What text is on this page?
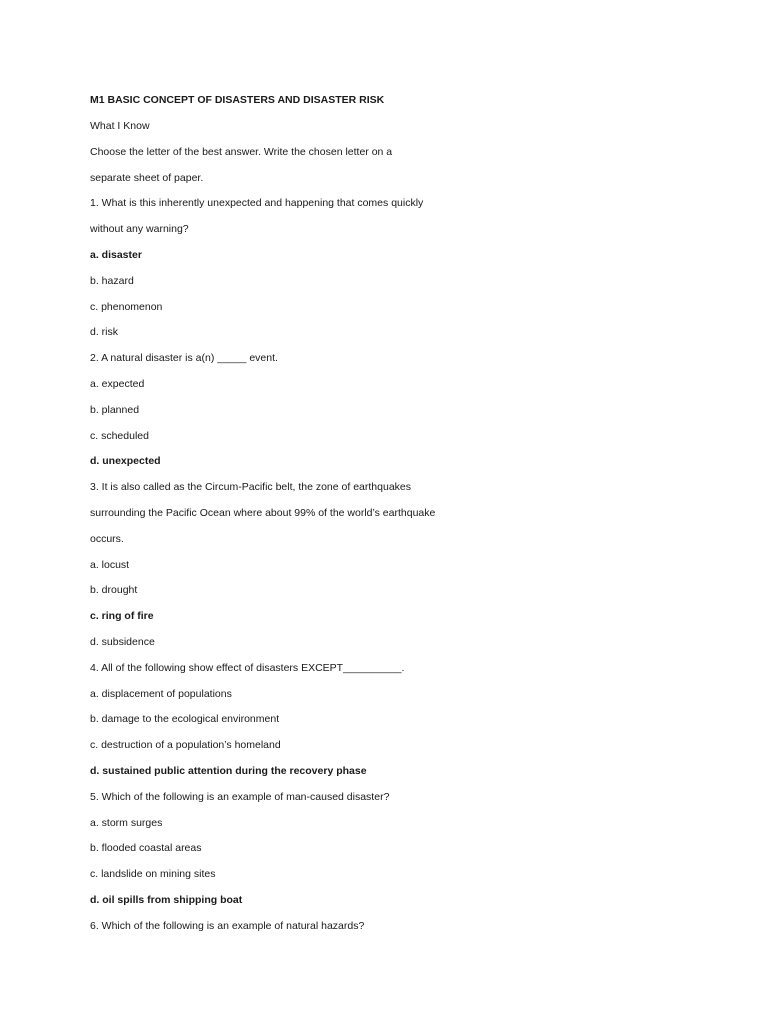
M1 BASIC CONCEPT OF DISASTERS AND DISASTER RISK
What I Know
Choose the letter of the best answer. Write the chosen letter on a
separate sheet of paper.
1. What is this inherently unexpected and happening that comes quickly
without any warning?
a. disaster
b. hazard
c. phenomenon
d. risk
2. A natural disaster is a(n) _____ event.
a. expected
b. planned
c. scheduled
d. unexpected
3. It is also called as the Circum-Pacific belt, the zone of earthquakes
surrounding the Pacific Ocean where about 99% of the world’s earthquake
occurs.
a. locust
b. drought
c. ring of fire
d. subsidence
4. All of the following show effect of disasters EXCEPT__________.
a. displacement of populations
b. damage to the ecological environment
c. destruction of a population’s homeland
d. sustained public attention during the recovery phase
5. Which of the following is an example of man-caused disaster?
a. storm surges
b. flooded coastal areas
c. landslide on mining sites
d. oil spills from shipping boat
6. Which of the following is an example of natural hazards?
